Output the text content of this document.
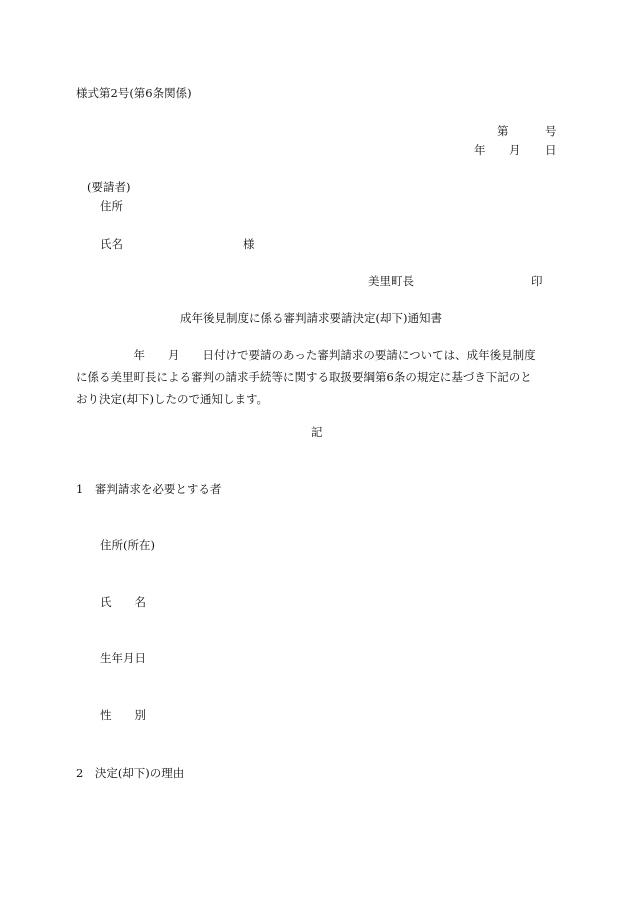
様式第2号(第6条関係)
第	号
年 月 日
(要請者)
住所
氏名	様
美里町長	印
成年後見制度に係る審判請求要請決定(却下)通知書
　　　　　年　　月　　日付けで要請のあった審判請求の要請については、成年後見制度
に係る美里町長による審判の請求手続等に関する取扱要綱第6条の規定に基づき下記のと
おり決定(却下)したので通知します。
記
1　審判請求を必要とする者
住所(所在)
氏　　名
生年月日
性　　別
2　決定(却下)の理由
